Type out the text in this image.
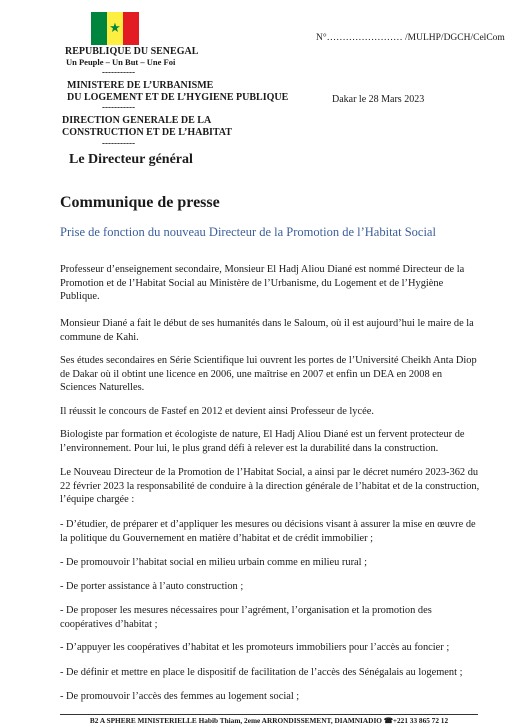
★
REPUBLIQUE DU SENEGAL
Un Peuple – Un But – Une Foi
-----------
MINISTERE DE L’URBANISME
DU LOGEMENT ET DE L’HYGIENE PUBLIQUE
-----------
DIRECTION GENERALE DE LA
CONSTRUCTION ET DE L’HABITAT
-----------
Le Directeur général
N°…………………… /MULHP/DGCH/CelCom
Dakar le 28 Mars 2023
Communique de presse
Prise de fonction du nouveau Directeur de la Promotion de l’Habitat Social

Professeur d’enseignement secondaire, Monsieur El Hadj Aliou Diané est nommé Directeur de la Promotion et de l’Habitat Social au Ministère de l’Urbanisme, du Logement et de l’Hygiène Publique.

Monsieur Diané a fait le début de ses humanités dans le Saloum, où il est aujourd’hui le maire de la commune de Kahi.

Ses études secondaires en Série Scientifique lui ouvrent les portes de l’Université Cheikh Anta Diop de Dakar où il obtint une licence en 2006, une maîtrise en 2007 et enfin un DEA en 2008 en Sciences Naturelles.

Il réussit le concours de Fastef en 2012 et devient ainsi Professeur de lycée.

Biologiste par formation et écologiste de nature, El Hadj Aliou Diané est un fervent protecteur de l’environnement. Pour lui, le plus grand défi à relever est la durabilité dans la construction.

Le Nouveau Directeur de la Promotion de l’Habitat Social, a ainsi par le décret numéro 2023-362 du 22 février 2023 la responsabilité de conduire à la direction générale de l’habitat et de la construction, l’équipe chargée :

- D’étudier, de préparer et d’appliquer les mesures ou décisions visant à assurer la mise en œuvre de la politique du Gouvernement en matière d’habitat et de crédit immobilier ;

- De promouvoir l’habitat social en milieu urbain comme en milieu rural ;

- De porter assistance à l’auto construction ;

- De proposer les mesures nécessaires pour l’agrément, l’organisation et la promotion des coopératives d’habitat ;

- D’appuyer les coopératives d’habitat et les promoteurs immobiliers pour l’accès au foncier ;

- De définir et mettre en place le dispositif de facilitation de l’accès des Sénégalais au logement ;

- De promouvoir l’accès des femmes au logement social ;

B2 A SPHERE MINISTERIELLE Habib Thiam, 2eme ARRONDISSEMENT, DIAMNIADIO ☎+221 33 865 72 12
